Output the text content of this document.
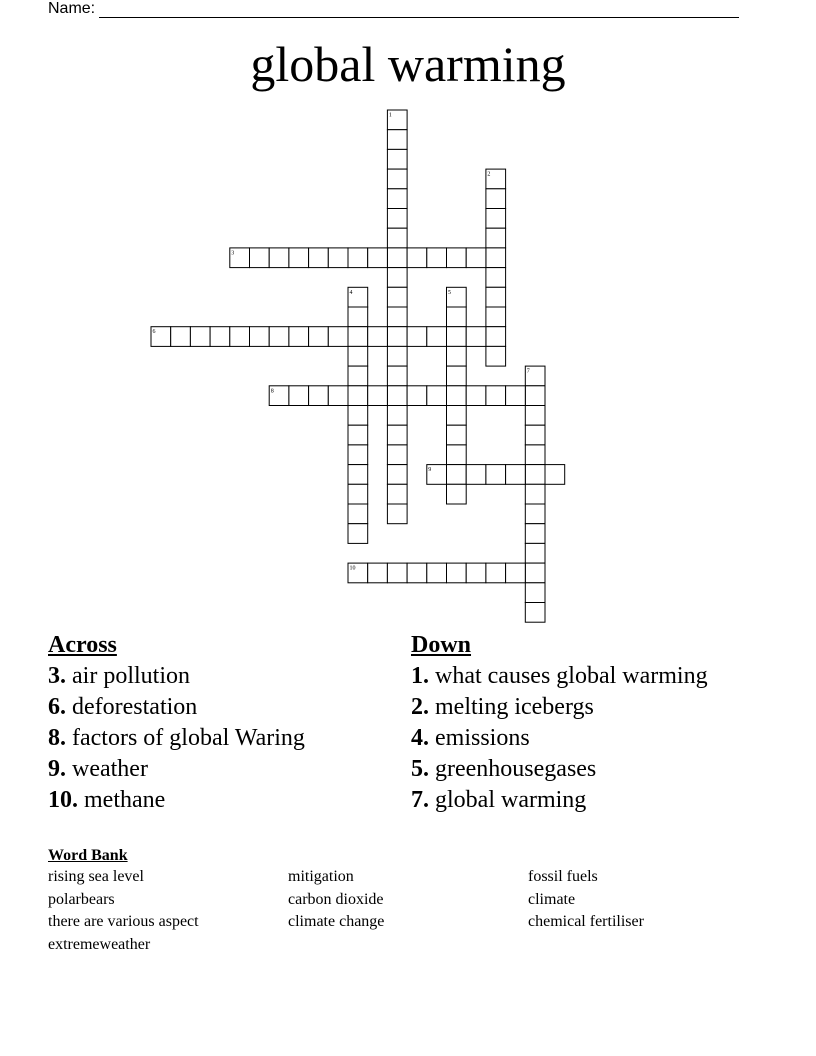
Name:
global warming
1
2
3
4	5
6
7
8
9
10
Across
3. air pollution
6. deforestation
8. factors of global Waring
9. weather
10. methane
Down
1. what causes global warming
2. melting icebergs
4. emissions
5. greenhousegases
7. global warming
Word Bank
rising sea level	mitigation	fossil fuels
polarbears	carbon dioxide	climate
there are various aspect	climate change	chemical fertiliser
extremeweather
